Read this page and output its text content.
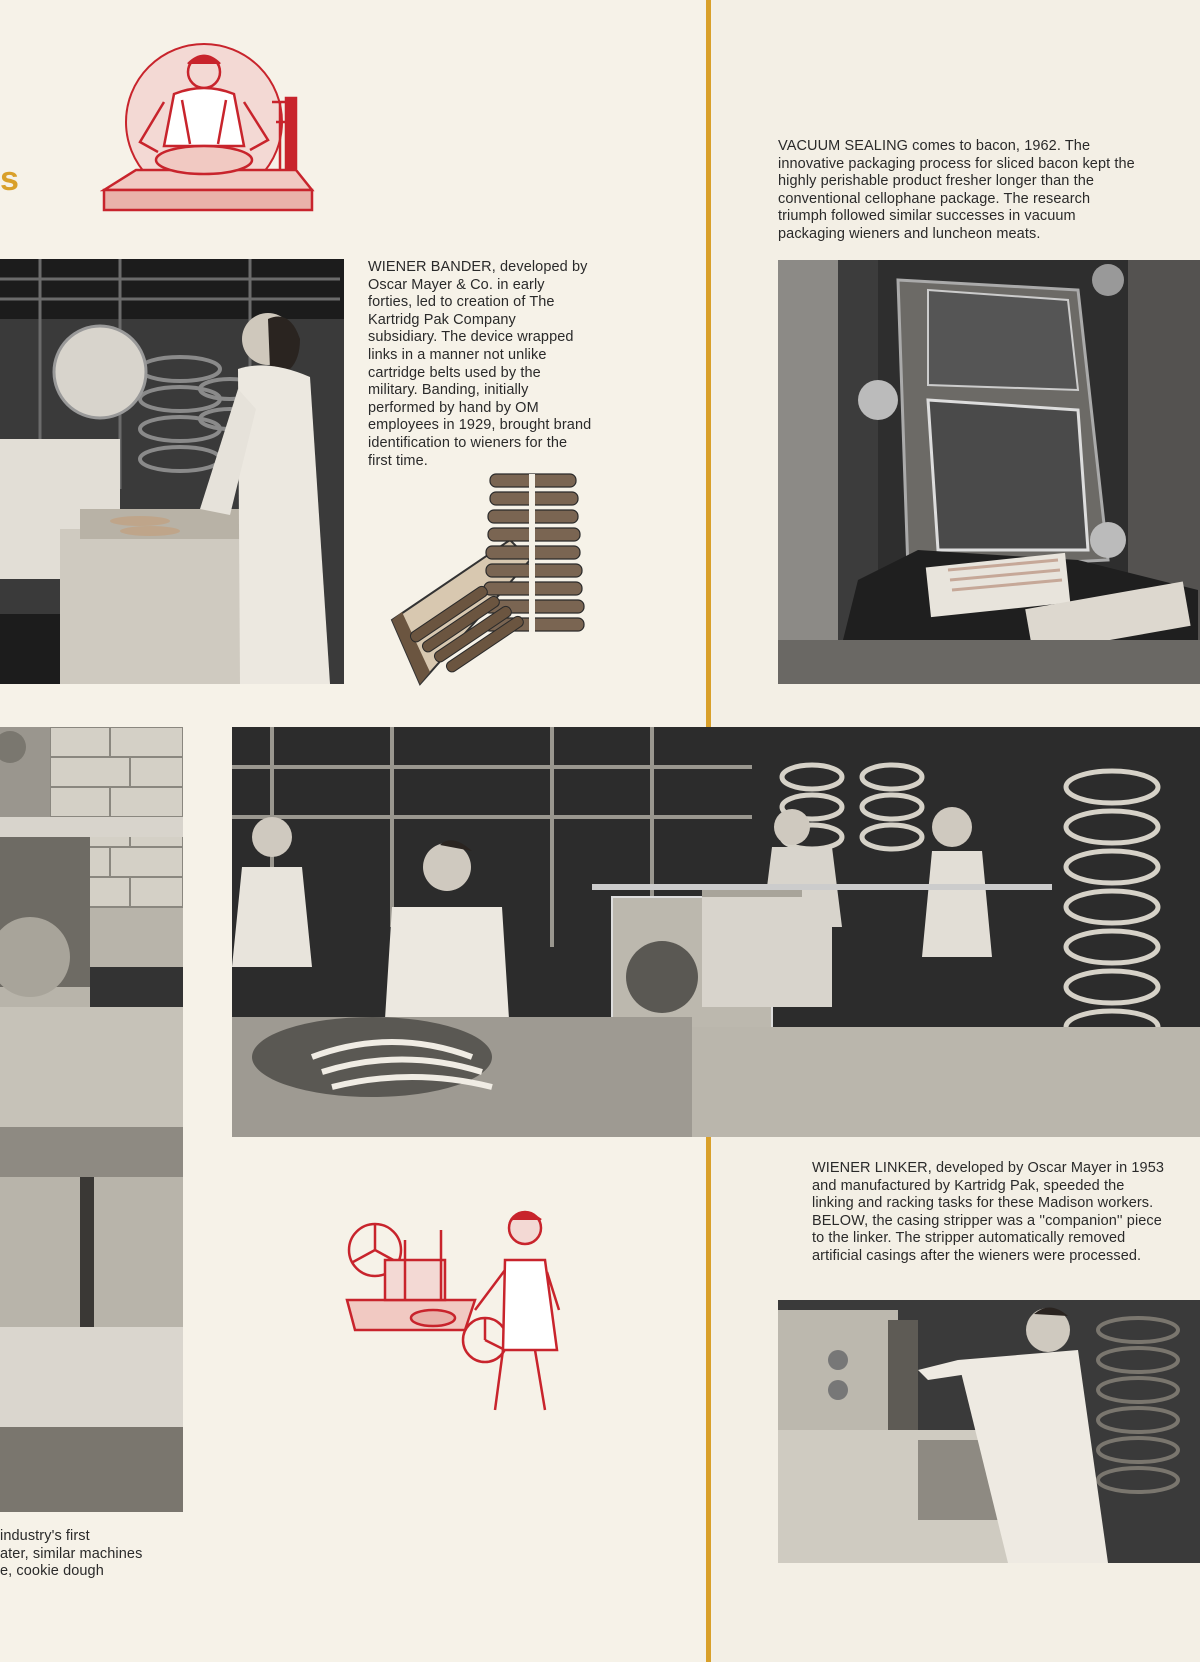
s

WIENER BANDER, developed by
Oscar Mayer & Co. in early
forties, led to creation of The
Kartridg Pak Company
subsidiary. The device wrapped
links in a manner not unlike
cartridge belts used by the
military. Banding, initially
performed by hand by OM
employees in 1929, brought brand
identification to wieners for the
first time.

VACUUM SEALING comes to bacon, 1962. The
innovative packaging process for sliced bacon kept the
highly perishable product fresher longer than the
conventional cellophane package. The research
triumph followed similar successes in vacuum
packaging wieners and luncheon meats.

WIENER LINKER, developed by Oscar Mayer in 1953
and manufactured by Kartridg Pak, speeded the
linking and racking tasks for these Madison workers.
BELOW, the casing stripper was a ''companion'' piece
to the linker. The stripper automatically removed
artificial casings after the wieners were processed.

industry's first
ater, similar machines
e, cookie dough
